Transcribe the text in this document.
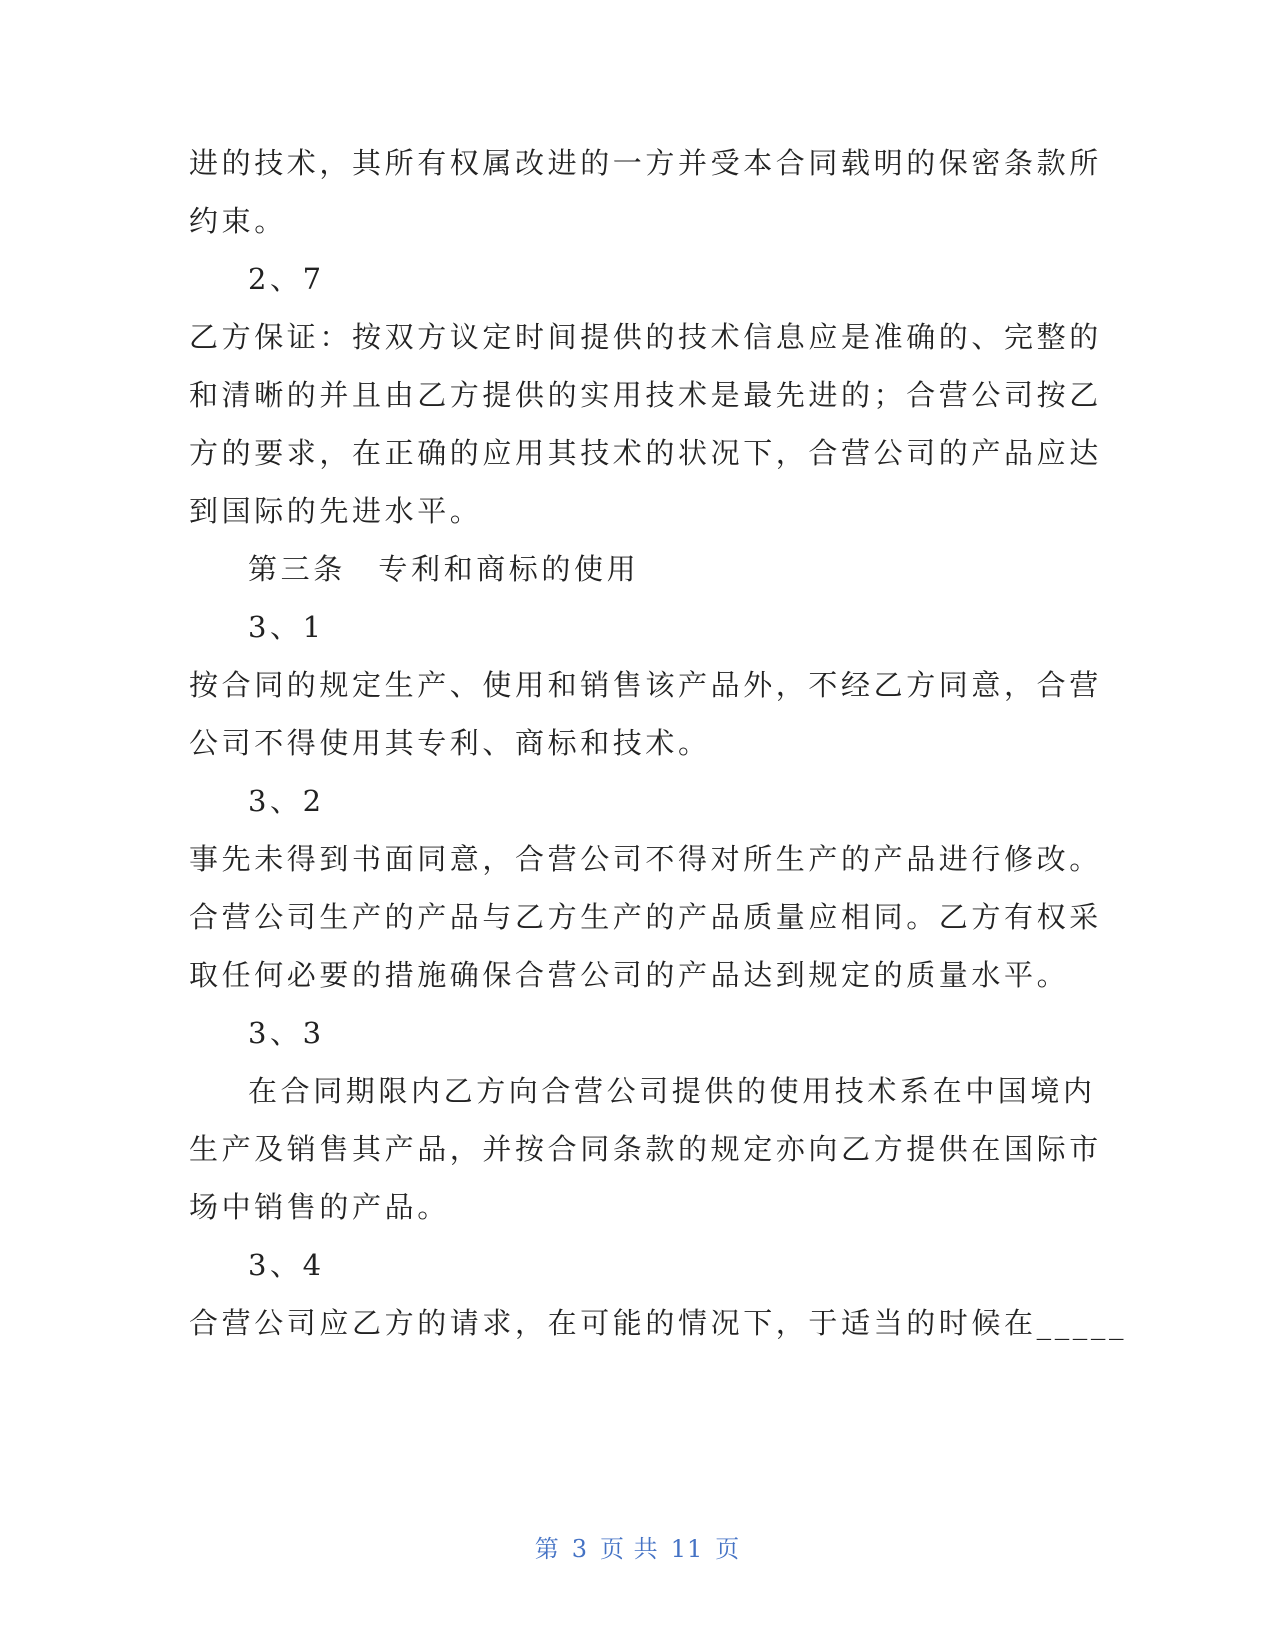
进的技术，其所有权属改进的一方并受本合同载明的保密条款所
约束。
2、7
乙方保证：按双方议定时间提供的技术信息应是准确的、完整的
和清晰的并且由乙方提供的实用技术是最先进的；合营公司按乙
方的要求，在正确的应用其技术的状况下，合营公司的产品应达
到国际的先进水平。
第三条　专利和商标的使用
3、1
按合同的规定生产、使用和销售该产品外，不经乙方同意，合营
公司不得使用其专利、商标和技术。
3、2
事先未得到书面同意，合营公司不得对所生产的产品进行修改。
合营公司生产的产品与乙方生产的产品质量应相同。乙方有权采
取任何必要的措施确保合营公司的产品达到规定的质量水平。
3、3
在合同期限内乙方向合营公司提供的使用技术系在中国境内
生产及销售其产品，并按合同条款的规定亦向乙方提供在国际市
场中销售的产品。
3、4
合营公司应乙方的请求，在可能的情况下，于适当的时候在_____
第 3 页 共 11 页
